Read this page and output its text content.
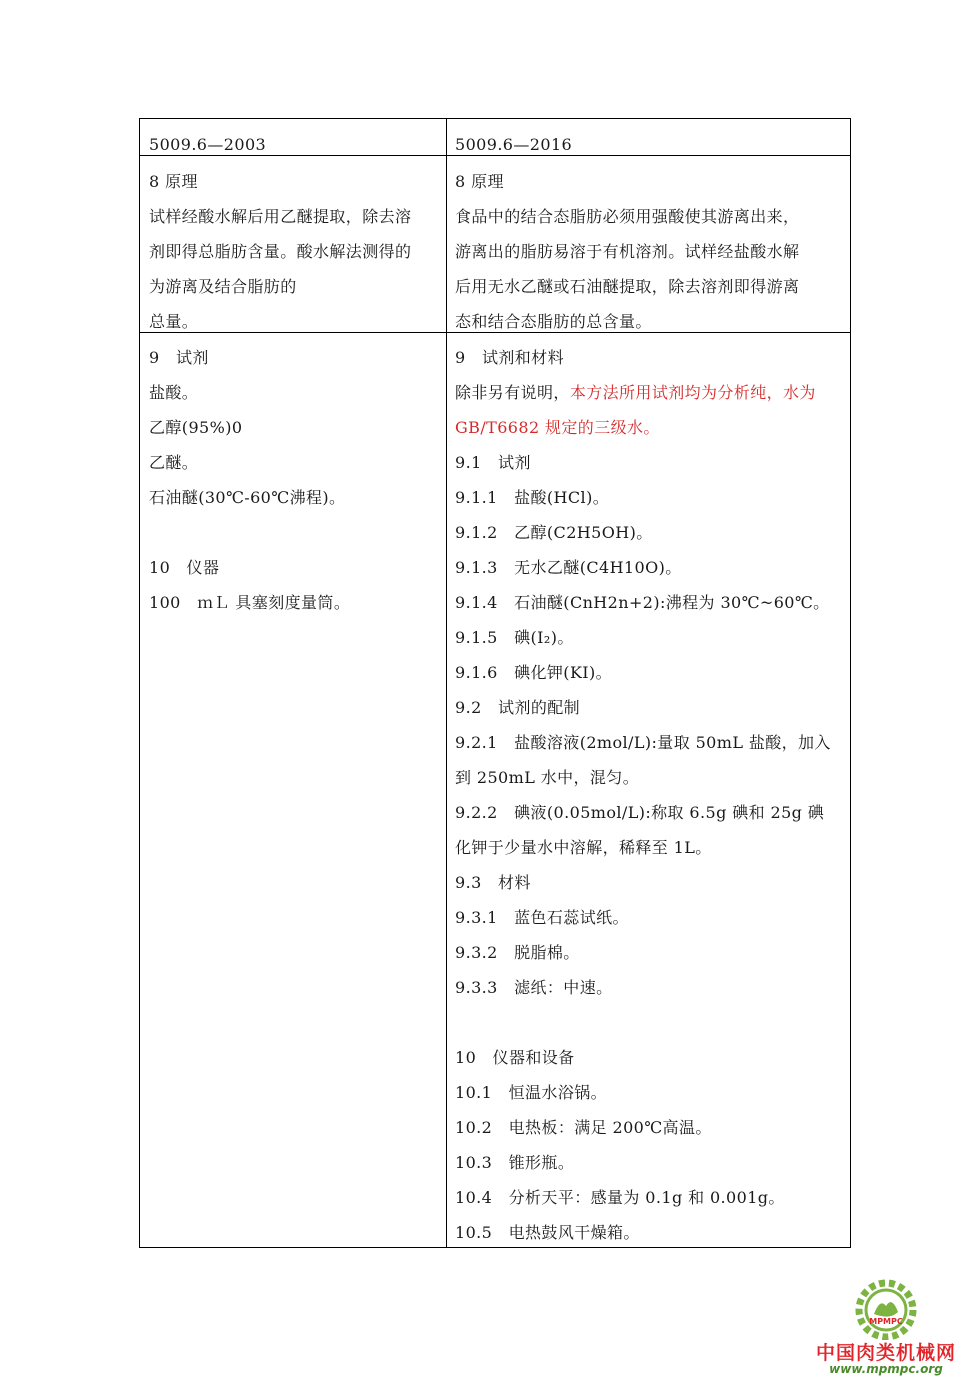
5009.6—2003	5009.6—2016
8 原理
试样经酸水解后用乙醚提取，除去溶
剂即得总脂肪含量。酸水解法测得的
为游离及结合脂肪的
总量。
8 原理
食品中的结合态脂肪必须用强酸使其游离出来，
游离出的脂肪易溶于有机溶剂。试样经盐酸水解
后用无水乙醚或石油醚提取，除去溶剂即得游离
态和结合态脂肪的总含量。
9　试剂
盐酸。
乙醇(95%)0
乙醚。
石油醚(30℃-60℃沸程)。
10　仪器
100　ｍＬ 具塞刻度量筒。
9　试剂和材料
除非另有说明，本方法所用试剂均为分析纯，水为
GB/T6682 规定的三级水。
9.1　试剂
9.1.1　盐酸(HCl)。
9.1.2　乙醇(C2H5OH)。
9.1.3　无水乙醚(C4H10O)。
9.1.4　石油醚(CnH2n+2):沸程为 30℃~60℃。
9.1.5　碘(I₂)。
9.1.6　碘化钾(KI)。
9.2　试剂的配制
9.2.1　盐酸溶液(2mol/L):量取 50mL 盐酸，加入
到 250mL 水中，混匀。
9.2.2　碘液(0.05mol/L):称取 6.5g 碘和 25g 碘
化钾于少量水中溶解，稀释至 1L。
9.3　材料
9.3.1　蓝色石蕊试纸。
9.3.2　脱脂棉。
9.3.3　滤纸：中速。
10　仪器和设备
10.1　恒温水浴锅。
10.2　电热板：满足 200℃高温。
10.3　锥形瓶。
10.4　分析天平：感量为 0.1g 和 0.001g。
10.5　电热鼓风干燥箱。
MPMPC
中国肉类机械网
www.mpmpc.org
